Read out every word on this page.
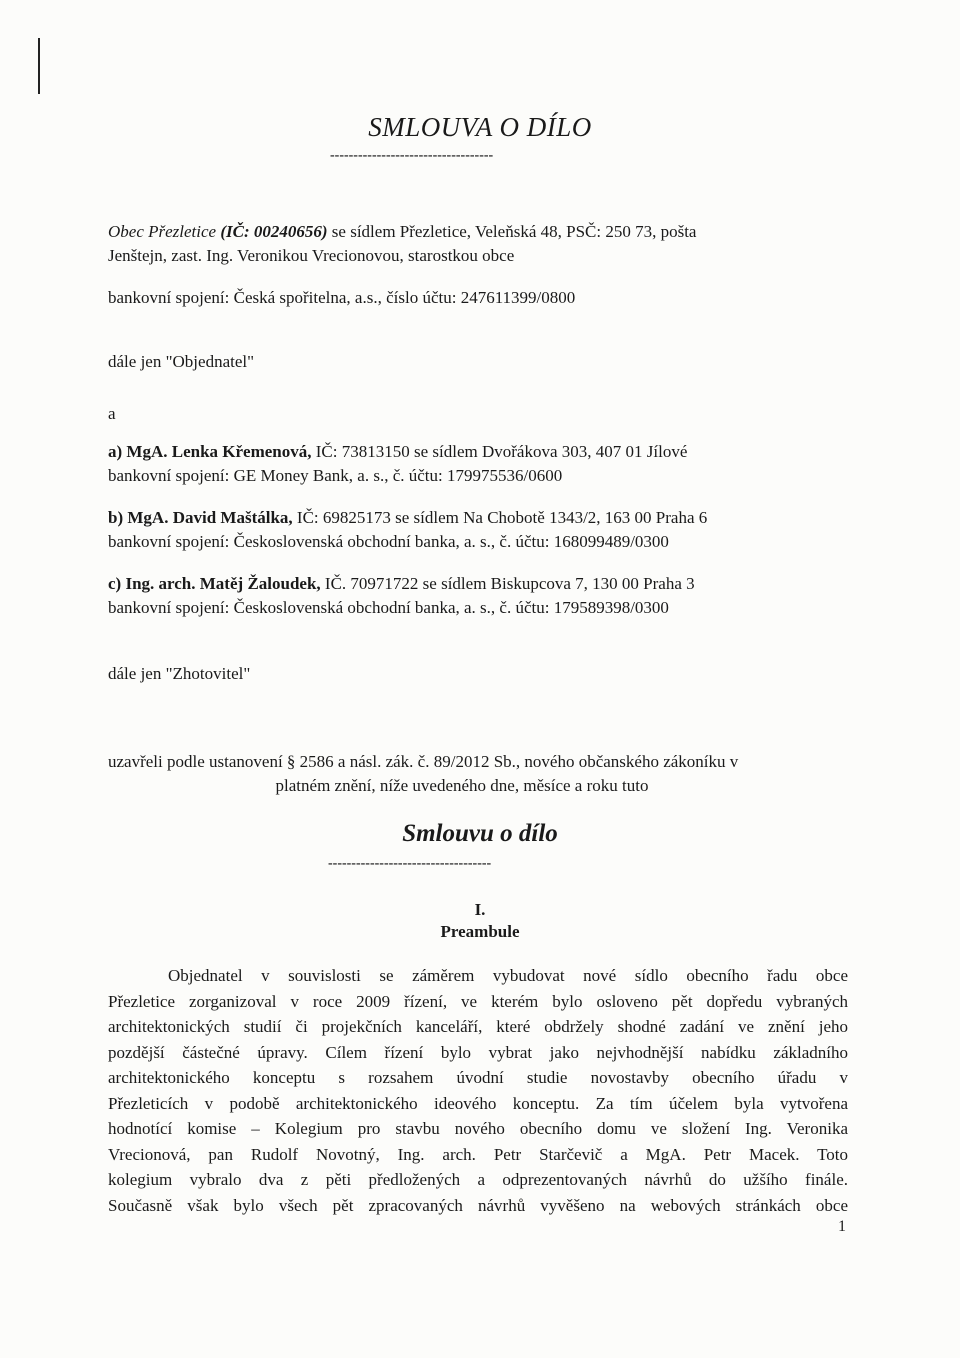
SMLOUVA O DÍLO
-----------------------------------
Obec Přezletice (IČ: 00240656) se sídlem Přezletice, Veleňská 48, PSČ: 250 73, pošta
Jenštejn, zast. Ing. Veronikou Vrecionovou, starostkou obce
bankovní spojení: Česká spořitelna, a.s., číslo účtu: 247611399/0800
dále jen "Objednatel"
a
a) MgA. Lenka Křemenová, IČ: 73813150 se sídlem Dvořákova 303, 407 01 Jílové
bankovní spojení: GE Money Bank, a. s., č. účtu: 179975536/0600
b) MgA. David Maštálka, IČ: 69825173 se sídlem Na Chobotě 1343/2, 163 00 Praha 6
bankovní spojení: Československá obchodní banka, a. s., č. účtu: 168099489/0300
c) Ing. arch. Matěj Žaloudek, IČ. 70971722 se sídlem Biskupcova 7, 130 00 Praha 3
bankovní spojení: Československá obchodní banka, a. s., č. účtu: 179589398/0300
dále jen "Zhotovitel"
uzavřeli podle ustanovení § 2586 a násl. zák. č. 89/2012 Sb., nového občanského zákoníku v
platném znění, níže uvedeného dne, měsíce a roku tuto
Smlouvu o dílo
-----------------------------------
I.
Preambule
Objednatel v souvislosti se záměrem vybudovat nové sídlo obecního řadu obce
Přezletice zorganizoval v roce 2009 řízení, ve kterém bylo osloveno pět dopředu vybraných
architektonických studií či projekčních kanceláří, které obdržely shodné zadání ve znění jeho
pozdější částečné úpravy. Cílem řízení bylo vybrat jako nejvhodnější nabídku základního
architektonického konceptu s rozsahem úvodní studie novostavby obecního úřadu v
Přezleticích v podobě architektonického ideového konceptu. Za tím účelem byla vytvořena
hodnotící komise – Kolegium pro stavbu nového obecního domu ve složení Ing. Veronika
Vrecionová, pan Rudolf Novotný, Ing. arch. Petr Starčevič a MgA. Petr Macek. Toto
kolegium vybralo dva z pěti předložených a odprezentovaných návrhů do užšího finále.
Současně však bylo všech pět zpracovaných návrhů vyvěšeno na webových stránkách obce
1
